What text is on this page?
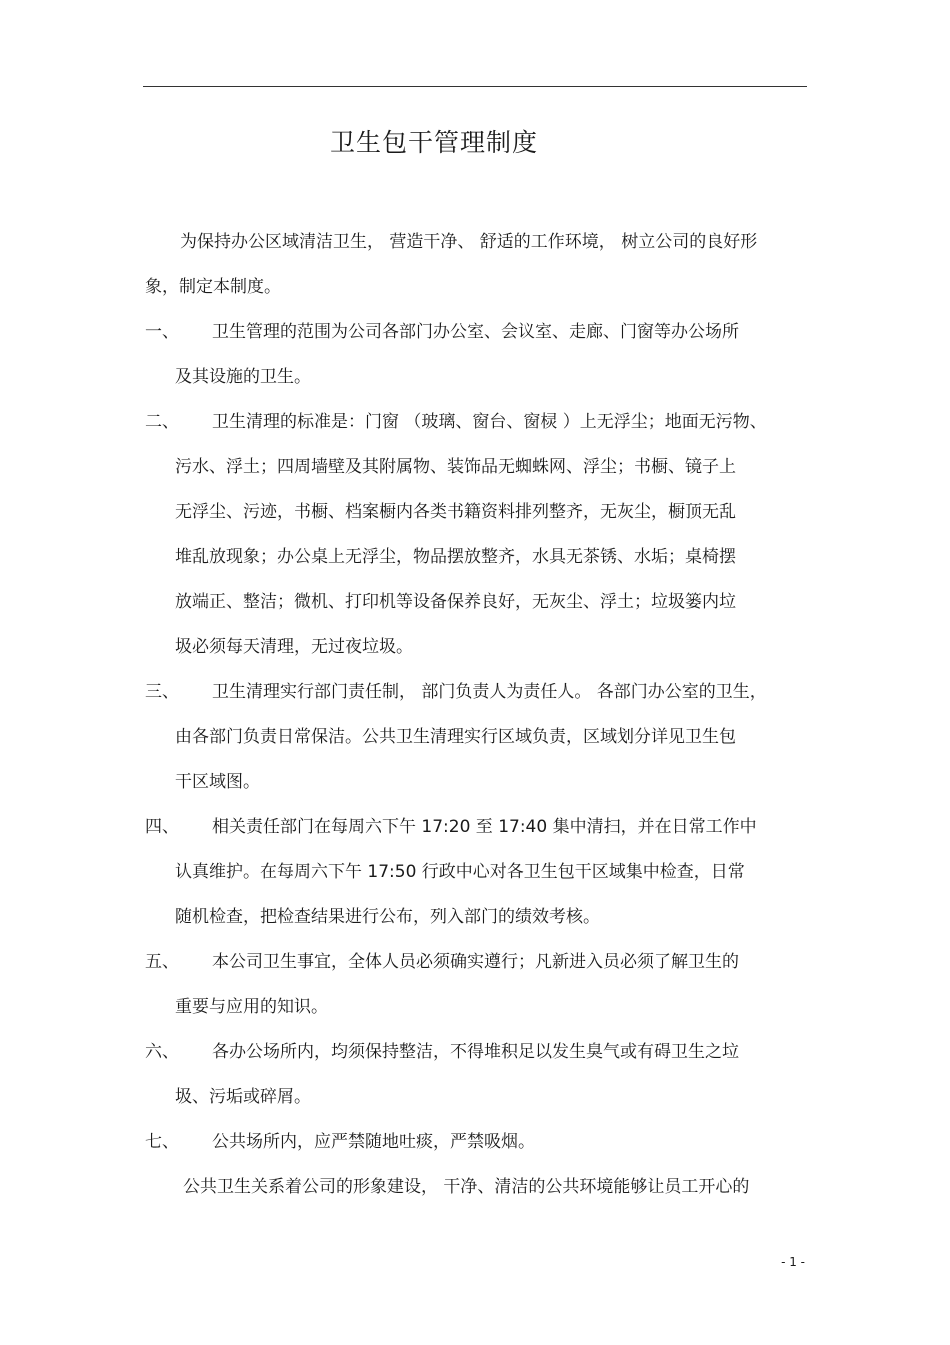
卫生包干管理制度
为保持办公区域清洁卫生， 营造干净、 舒适的工作环境， 树立公司的良好形
象，制定本制度。
一、 卫生管理的范围为公司各部门办公室、会议室、走廊、门窗等办公场所
及其设施的卫生。
二、 卫生清理的标准是：门窗 （玻璃、窗台、窗棂 ）上无浮尘；地面无污物、
污水、浮土；四周墙壁及其附属物、装饰品无蜘蛛网、浮尘；书橱、镜子上
无浮尘、污迹，书橱、档案橱内各类书籍资料排列整齐，无灰尘，橱顶无乱
堆乱放现象；办公桌上无浮尘，物品摆放整齐，水具无茶锈、水垢；桌椅摆
放端正、整洁；微机、打印机等设备保养良好，无灰尘、浮土；垃圾篓内垃
圾必须每天清理，无过夜垃圾。
三、 卫生清理实行部门责任制， 部门负责人为责任人。 各部门办公室的卫生，
由各部门负责日常保洁。公共卫生清理实行区域负责，区域划分详见卫生包
干区域图。
四、 相关责任部门在每周六下午 17:20 至 17:40 集中清扫，并在日常工作中
认真维护。在每周六下午 17:50 行政中心对各卫生包干区域集中检查，日常
随机检查，把检查结果进行公布，列入部门的绩效考核。
五、 本公司卫生事宜，全体人员必须确实遵行；凡新进入员必须了解卫生的
重要与应用的知识。
六、 各办公场所内，均须保持整洁，不得堆积足以发生臭气或有碍卫生之垃
圾、污垢或碎屑。
七、 公共场所内，应严禁随地吐痰，严禁吸烟。
公共卫生关系着公司的形象建设， 干净、清洁的公共环境能够让员工开心的
- 1 -
